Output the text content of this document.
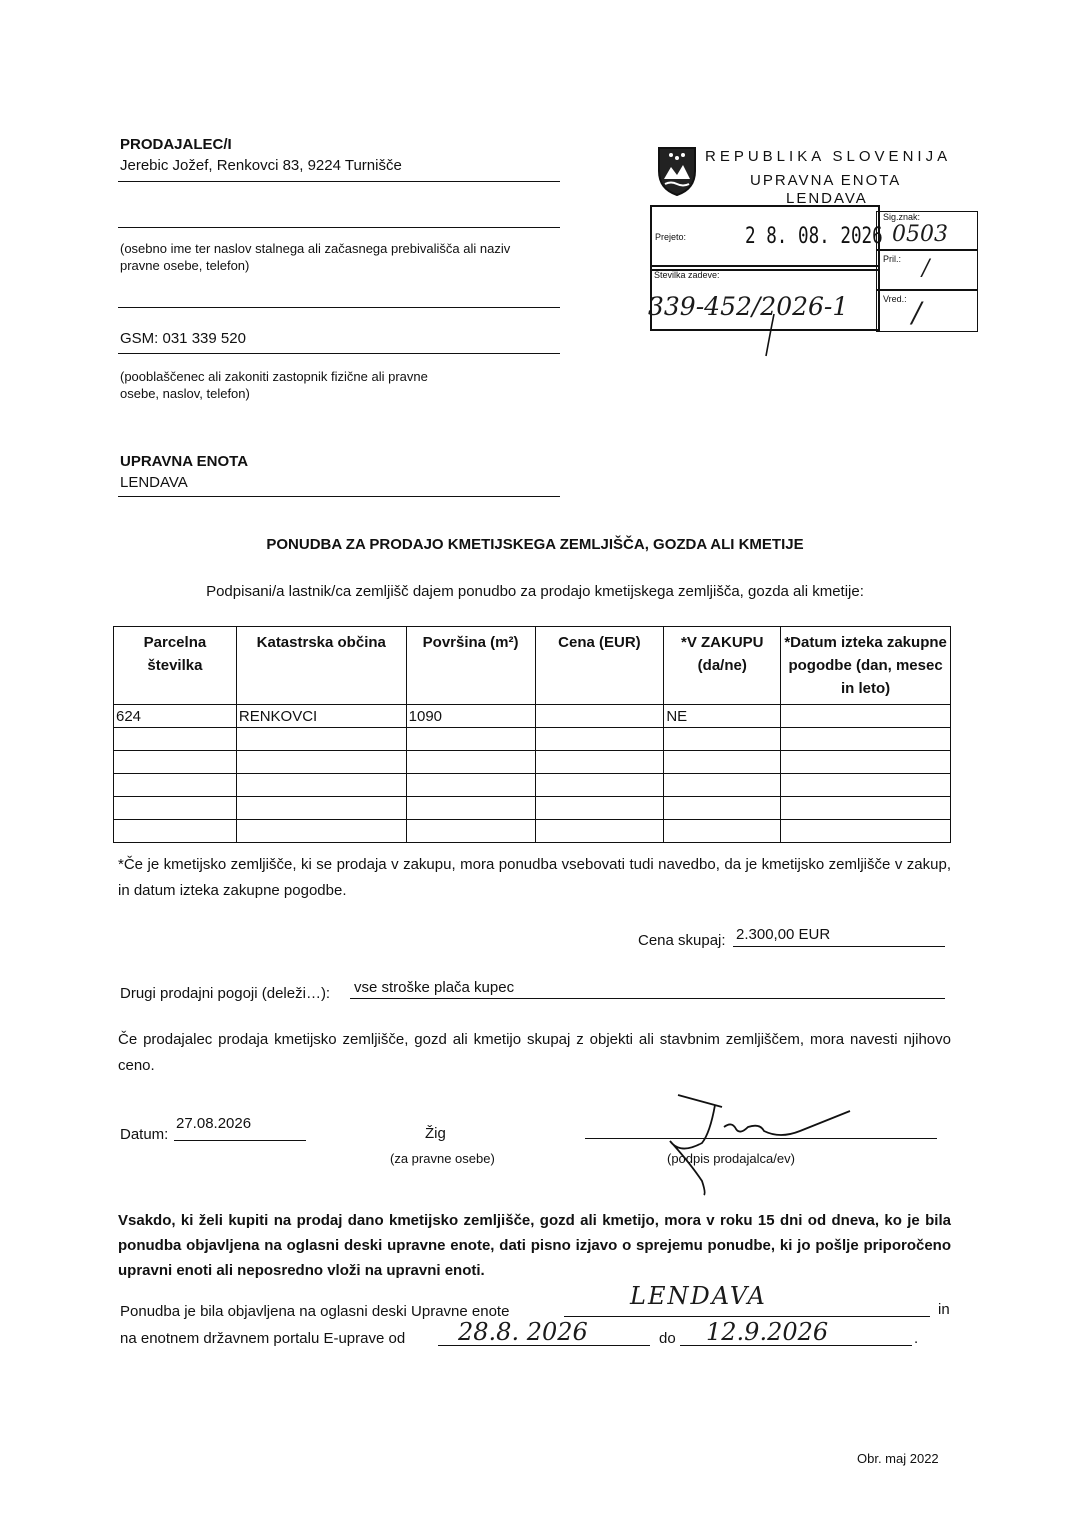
PRODAJALEC/I
Jerebic Jožef, Renkovci 83, 9224 Turnišče
(osebno ime ter naslov stalnega ali začasnega prebivališča ali naziv pravne osebe, telefon)
GSM: 031 339 520
(pooblaščenec ali zakoniti zastopnik fizične ali pravne osebe, naslov, telefon)
UPRAVNA ENOTA
LENDAVA
REPUBLIKA SLOVENIJA
UPRAVNA ENOTA
LENDAVA
Prejeto:	2 8. 08. 2026
Sig.znak:
0503
Pril.: /
Številka zadeve:
339-452/2026-1	Vred.: /
PONUDBA ZA PRODAJO KMETIJSKEGA ZEMLJIŠČA, GOZDA ALI KMETIJE
Podpisani/a lastnik/ca zemljišč dajem ponudbo za prodajo kmetijskega zemljišča, gozda ali kmetije:
Parcelna številka	Katastrska občina	Površina (m²)	Cena (EUR)	*V ZAKUPU (da/ne)	*Datum izteka zakupne pogodbe (dan, mesec in leto)
624	RENKOVCI	1090		NE	

*Če je kmetijsko zemljišče, ki se prodaja v zakupu, mora ponudba vsebovati tudi navedbo, da je kmetijsko zemljišče v zakup, in datum izteka zakupne pogodbe.
Cena skupaj: 2.300,00 EUR
Drugi prodajni pogoji (deleži…): vse stroške plača kupec
Če prodajalec prodaja kmetijsko zemljišče, gozd ali kmetijo skupaj z objekti ali stavbnim zemljiščem, mora navesti njihovo ceno.
Datum:
27.08.2026
Žig
(za pravne osebe)	(podpis prodajalca/ev)
Vsakdo, ki želi kupiti na prodaj dano kmetijsko zemljišče, gozd ali kmetijo, mora v roku 15 dni od dneva, ko je bila ponudba objavljena na oglasni deski upravne enote, dati pisno izjavo o sprejemu ponudbe, ki jo pošlje priporočeno upravni enoti ali neposredno vloži na upravni enoti.
Ponudba je bila objavljena na oglasni deski Upravne enote
LENDAVA	in
na enotnem državnem portalu E-uprave od 28.8. 2026	do 12.9.2026	.
Obr. maj 2022
